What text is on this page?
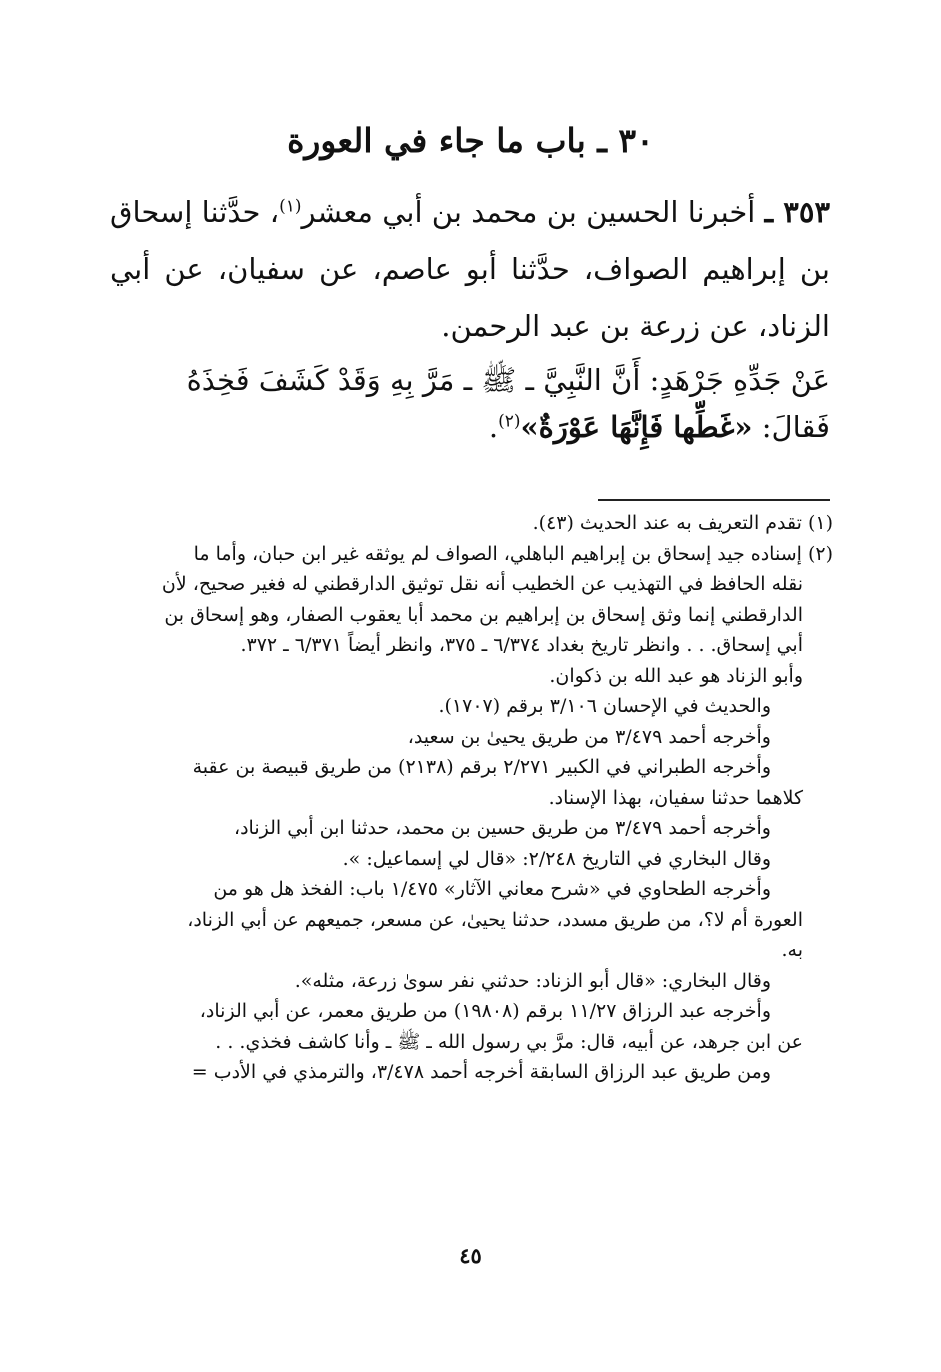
٣٠ ـ باب ما جاء في العورة
٣٥٣ ـ أخبرنا الحسين بن محمد بن أبي معشر$^{(١)}$، حدَّثنا إسحاق بن إبراهيم الصواف، حدَّثنا أبو عاصم، عن سفيان، عن أبي الزناد، عن زرعة بن عبد الرحمن.
عَنْ جَدِّهِ جَرْهَدٍ: أَنَّ النَّبِيَّ ـ ﷺ ـ مَرَّ بِهِ وَقَدْ كَشَفَ فَخِذَهُ فَقالَ: «غَطِّها فَإِنَّهَا عَوْرَةٌ»$^{(٢)}$.
(١) تقدم التعريف به عند الحديث (٤٣).
(٢) إسناده جيد إسحاق بن إبراهيم الباهلي، الصواف لم يوثقه غير ابن حبان، وأما ما
نقله الحافظ في التهذيب عن الخطيب أنه نقل توثيق الدارقطني له فغير صحيح، لأن
الدارقطني إنما وثق إسحاق بن إبراهيم بن محمد أبا يعقوب الصفار، وهو إسحاق بن
أبي إسحاق. . . وانظر تاريخ بغداد ٦/٣٧٤ ـ ٣٧٥، وانظر أيضاً ٦/٣٧١ ـ ٣٧٢.
وأبو الزناد هو عبد الله بن ذكوان.
والحديث في الإحسان ٣/١٠٦ برقم (١٧٠٧).
وأخرجه أحمد ٣/٤٧٩ من طريق يحيىٰ بن سعيد،
وأخرجه الطبراني في الكبير ٢/٢٧١ برقم (٢١٣٨) من طريق قبيصة بن عقبة
كلاهما حدثنا سفيان، بهذا الإسناد.
وأخرجه أحمد ٣/٤٧٩ من طريق حسين بن محمد، حدثنا ابن أبي الزناد،
وقال البخاري في التاريخ ٢/٢٤٨: «قال لي إسماعيل: ».
وأخرجه الطحاوي في «شرح معاني الآثار» ١/٤٧٥ باب: الفخذ هل هو من
العورة أم لا؟، من طريق مسدد، حدثنا يحيىٰ، عن مسعر، جميعهم عن أبي الزناد،
به.
وقال البخاري: «قال أبو الزناد: حدثني نفر سوىٰ زرعة، مثله».
وأخرجه عبد الرزاق ١١/٢٧ برقم (١٩٨٠٨) من طريق معمر، عن أبي الزناد،
عن ابن جرهد، عن أبيه، قال: مرَّ بي رسول الله ـ ﷺ ـ وأنا كاشف فخذي. . .
ومن طريق عبد الرزاق السابقة أخرجه أحمد ٣/٤٧٨، والترمذي في الأدب =
٤٥
